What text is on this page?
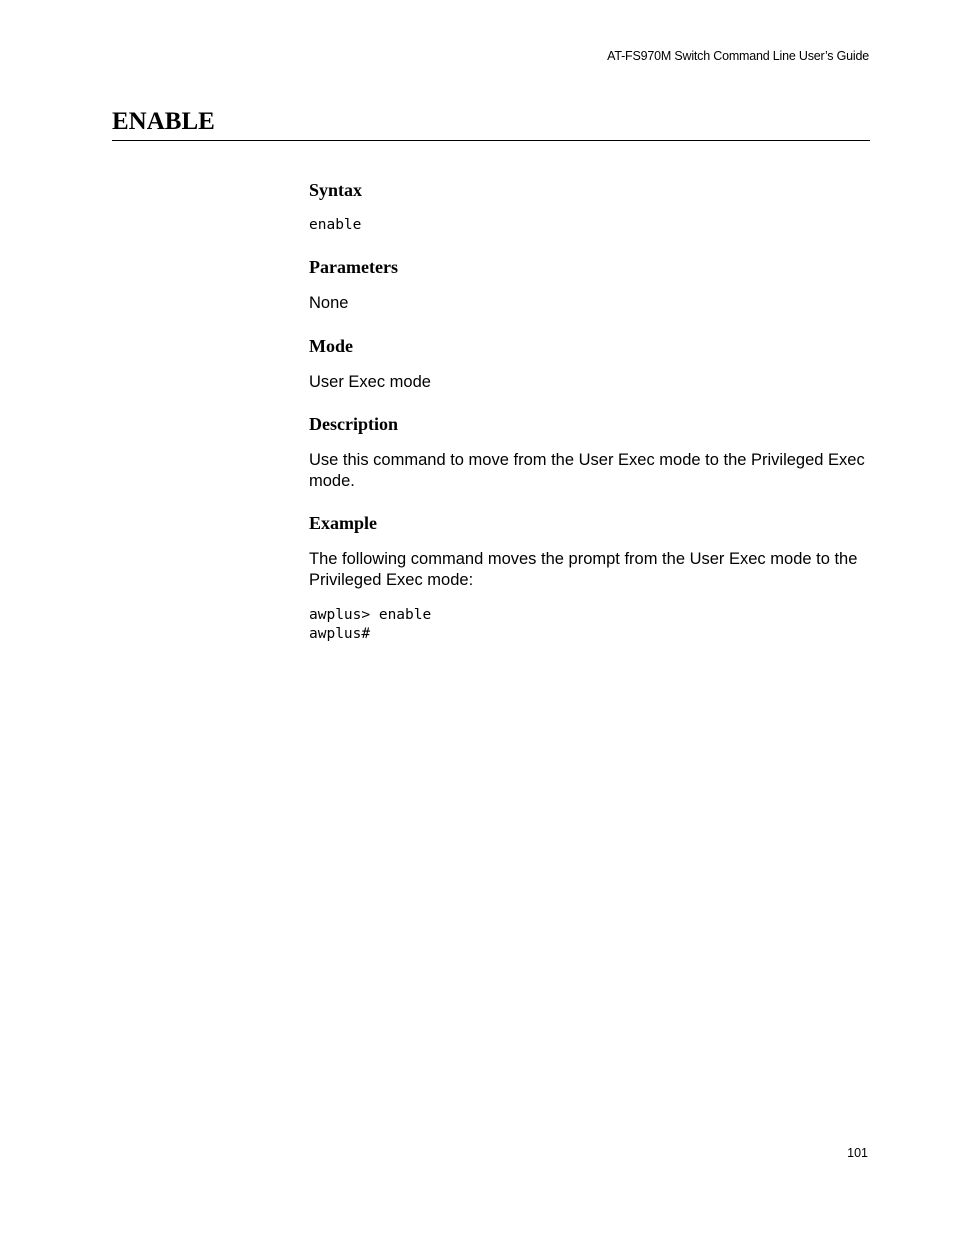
AT-FS970M Switch Command Line User’s Guide
ENABLE
Syntax
enable
Parameters

None

Mode

User Exec mode

Description

Use this command to move from the User Exec mode to the Privileged Exec mode.

Example

The following command moves the prompt from the User Exec mode to the Privileged Exec mode:

awplus> enable
awplus#
101
